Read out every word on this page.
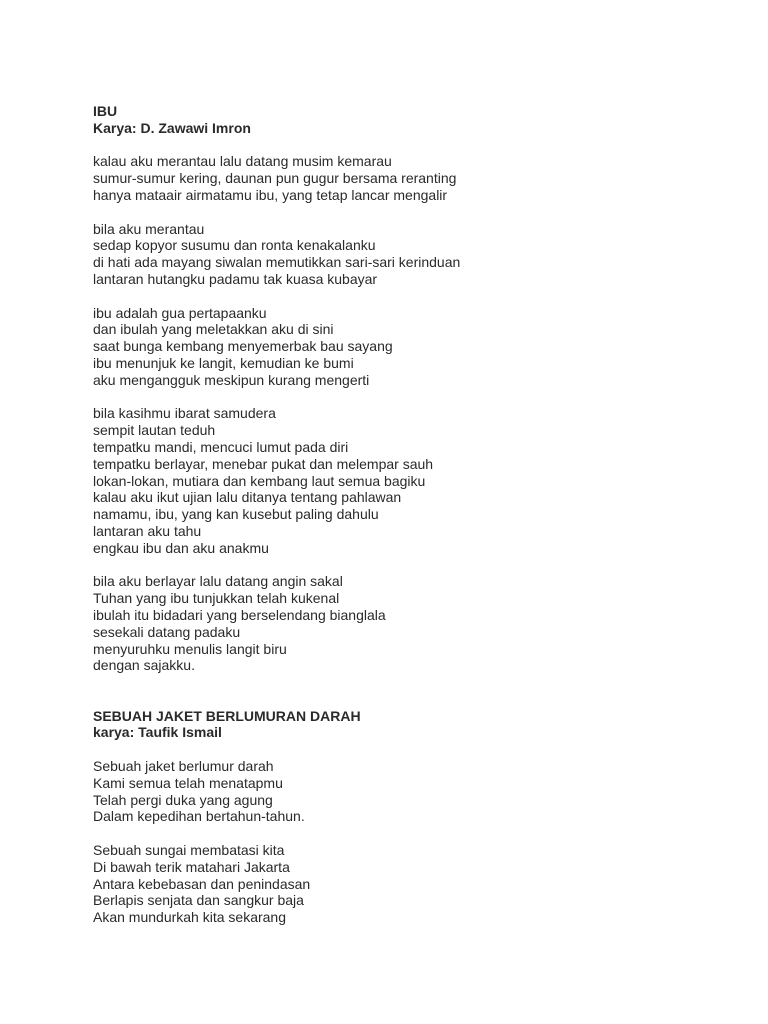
IBU
Karya: D. Zawawi Imron
kalau aku merantau lalu datang musim kemarau
sumur-sumur kering, daunan pun gugur bersama reranting
hanya mataair airmatamu ibu, yang tetap lancar mengalir
bila aku merantau
sedap kopyor susumu dan ronta kenakalanku
di hati ada mayang siwalan memutikkan sari-sari kerinduan
lantaran hutangku padamu tak kuasa kubayar
ibu adalah gua pertapaanku
dan ibulah yang meletakkan aku di sini
saat bunga kembang menyemerbak bau sayang
ibu menunjuk ke langit, kemudian ke bumi
aku mengangguk meskipun kurang mengerti
bila kasihmu ibarat samudera
sempit lautan teduh
tempatku mandi, mencuci lumut pada diri
tempatku berlayar, menebar pukat dan melempar sauh
lokan-lokan, mutiara dan kembang laut semua bagiku
kalau aku ikut ujian lalu ditanya tentang pahlawan
namamu, ibu, yang kan kusebut paling dahulu
lantaran aku tahu
engkau ibu dan aku anakmu
bila aku berlayar lalu datang angin sakal
Tuhan yang ibu tunjukkan telah kukenal
ibulah itu bidadari yang berselendang bianglala
sesekali datang padaku
menyuruhku menulis langit biru
dengan sajakku.
SEBUAH JAKET BERLUMURAN DARAH
karya: Taufik Ismail
Sebuah jaket berlumur darah
Kami semua telah menatapmu
Telah pergi duka yang agung
Dalam kepedihan bertahun-tahun.
Sebuah sungai membatasi kita
Di bawah terik matahari Jakarta
Antara kebebasan dan penindasan
Berlapis senjata dan sangkur baja
Akan mundurkah kita sekarang
